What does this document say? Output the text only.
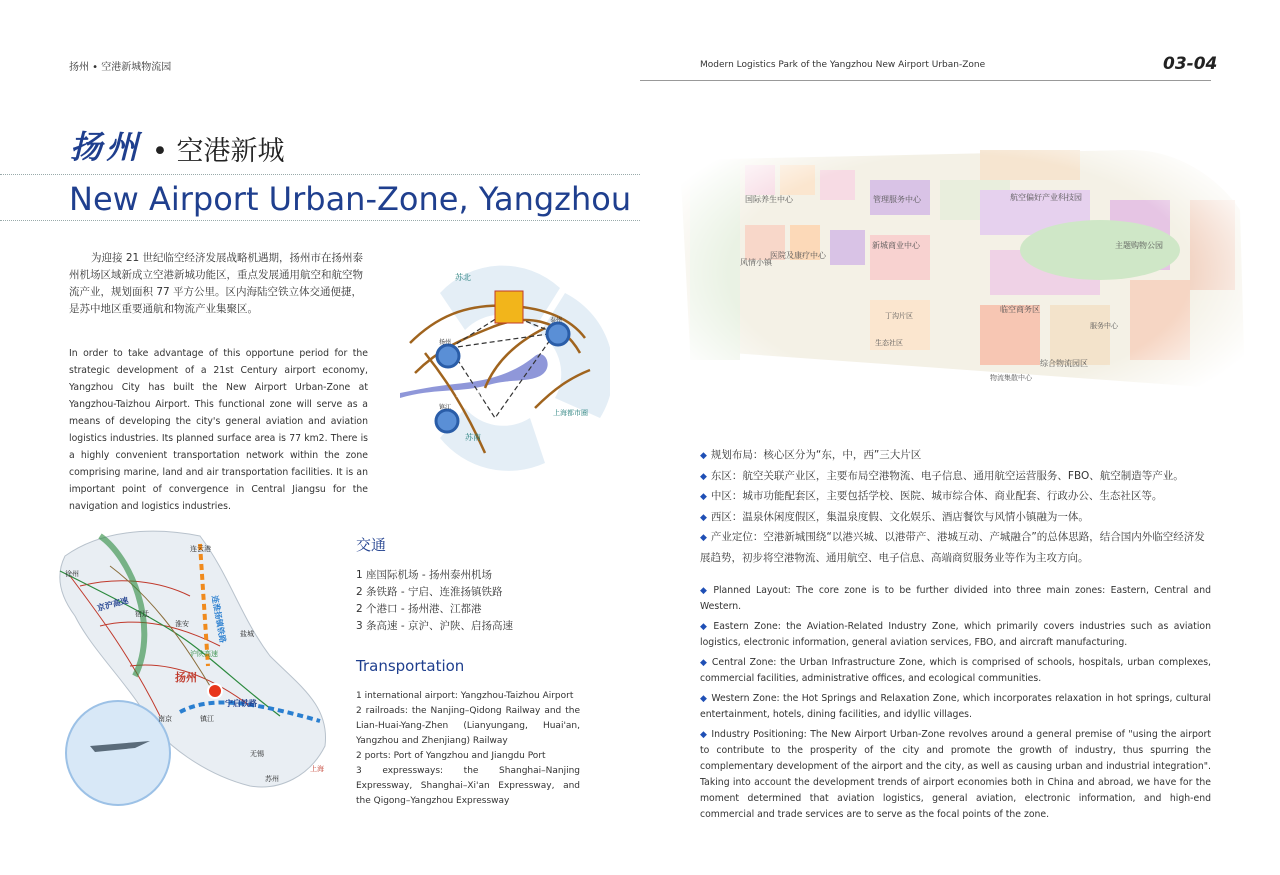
扬州 • 空港新城物流园	Modern Logistics Park of the Yangzhou New Airport Urban-Zone	03-04
扬州 • 空港新城
New Airport Urban-Zone, Yangzhou
为迎接 21 世纪临空经济发展战略机遇期，扬州市在扬州泰州机场区域新成立空港新城功能区，重点发展通用航空和航空物流产业，规划面积 77 平方公里。区内海陆空铁立体交通便捷，是苏中地区重要通航和物流产业集聚区。
In order to take advantage of this opportune period for the strategic development of a 21st Century airport economy, Yangzhou City has built the New Airport Urban-Zone at Yangzhou-Taizhou Airport. This functional zone will serve as a means of developing the city's general aviation and aviation logistics industries. Its planned surface area is 77 km2. There is a highly convenient transportation network within the zone comprising marine, land and air transportation facilities. It is an important point of convergence in Central Jiangsu for the navigation and logistics industries.
苏北
扬州
泰州
镇江
苏南
长江经济带
上海都市圈
扬州
连云港
徐州
淮安
宿迁
盐城
南京	镇江
无锡
苏州
上海
宁启铁路
连淮扬镇铁路
京沪高速
沪陕高速
交通
1 座国际机场 - 扬州泰州机场
2 条铁路 - 宁启、连淮扬镇铁路
2 个港口 - 扬州港、江都港
3 条高速 - 京沪、沪陕、启扬高速
Transportation
1 international airport: Yangzhou-Taizhou Airport
2 railroads: the Nanjing–Qidong Railway and the Lian-Huai-Yang-Zhen (Lianyungang, Huai'an, Yangzhou and Zhenjiang) Railway
2 ports: Port of Yangzhou and Jiangdu Port
3 expressways: the Shanghai–Nanjing Expressway, Shanghai–Xi'an Expressway, and the Qigong–Yangzhou Expressway
国际养生中心	管理服务中心	航空偏好产业科技园
医院及康疗中心
新城商业中心	主题购物公园
风情小镇
临空商务区
综合物流园区
物流集散中心
服务中心
生态社区
丁沟片区
◆ 规划布局：核心区分为“东，中，西”三大片区
◆ 东区：航空关联产业区，主要布局空港物流、电子信息、通用航空运营服务、FBO、航空制造等产业。
◆ 中区：城市功能配套区，主要包括学校、医院、城市综合体、商业配套、行政办公、生态社区等。
◆ 西区：温泉休闲度假区，集温泉度假、文化娱乐、酒店餐饮与风情小镇融为一体。
◆ 产业定位：空港新城围绕“以港兴城、以港带产、港城互动、产城融合”的总体思路，结合国内外临空经济发展趋势，初步将空港物流、通用航空、电子信息、高端商贸服务业等作为主攻方向。
◆ Planned Layout: The core zone is to be further divided into three main zones: Eastern, Central and Western.
◆ Eastern Zone: the Aviation-Related Industry Zone, which primarily covers industries such as aviation logistics, electronic information, general aviation services, FBO, and aircraft manufacturing.
◆ Central Zone: the Urban Infrastructure Zone, which is comprised of schools, hospitals, urban complexes, commercial facilities, administrative offices, and ecological communities.
◆ Western Zone: the Hot Springs and Relaxation Zone, which incorporates relaxation in hot springs, cultural entertainment, hotels, dining facilities, and idyllic villages.
◆ Industry Positioning: The New Airport Urban-Zone revolves around a general premise of "using the airport to contribute to the prosperity of the city and promote the growth of industry, thus spurring the complementary development of the airport and the city, as well as causing urban and industrial integration". Taking into account the development trends of airport economies both in China and abroad, we have for the moment determined that aviation logistics, general aviation, electronic information, and high-end commercial and trade services are to serve as the focal points of the zone.
